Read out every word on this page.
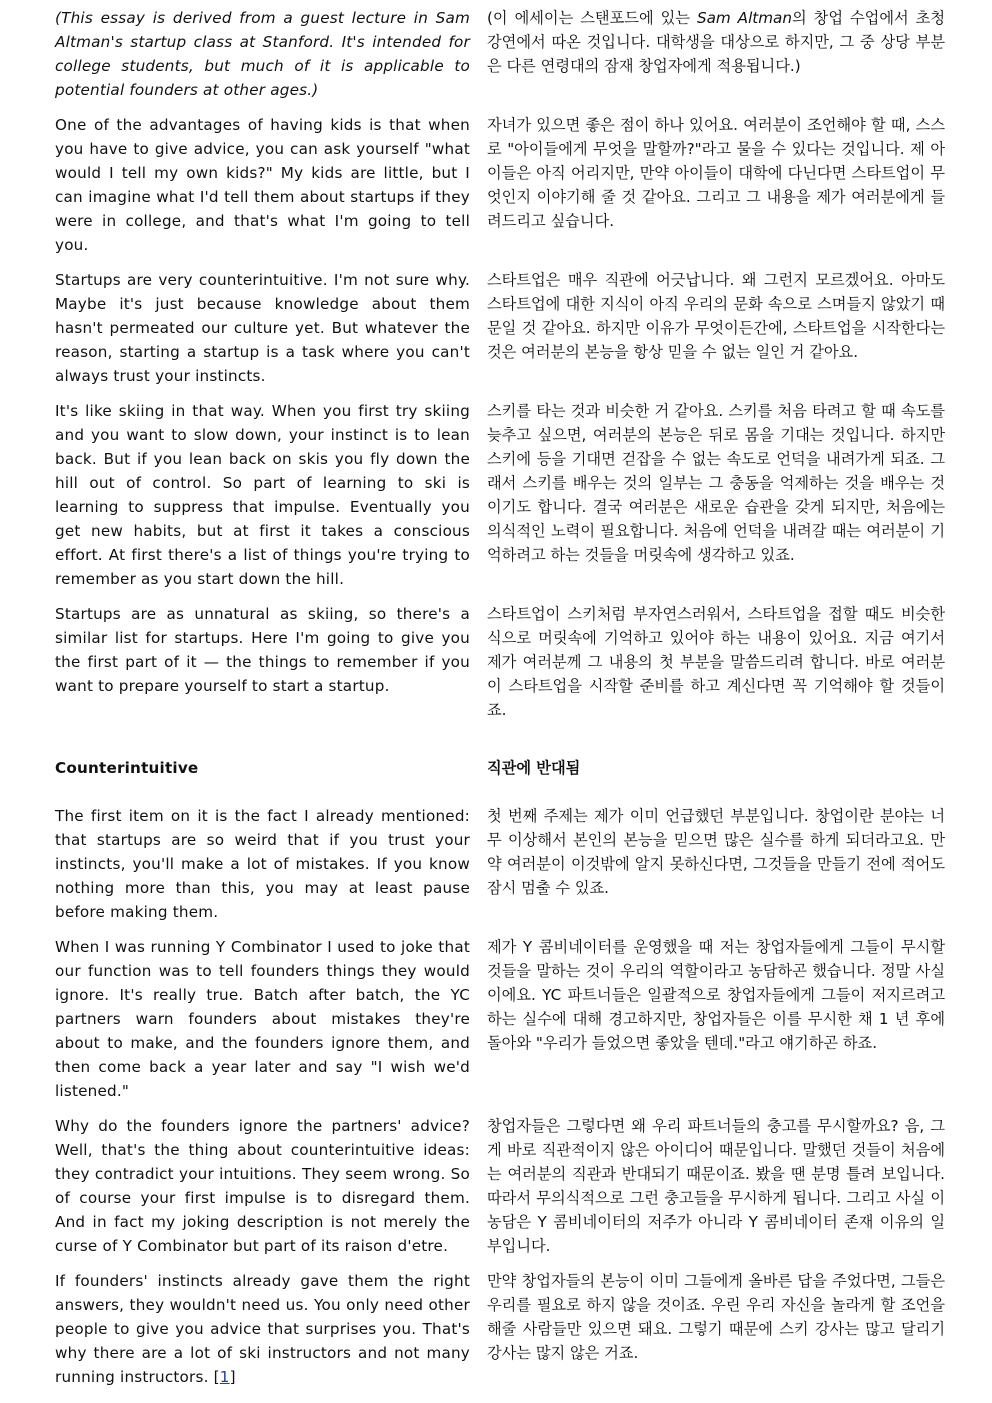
(This essay is derived from a guest lecture in Sam Altman's startup class at Stanford. It's intended for college students, but much of it is applicable to potential founders at other ages.)

(이 에세이는 스탠포드에 있는 Sam Altman의 창업 수업에서 초청 강연에서 따온 것입니다. 대학생을 대상으로 하지만, 그 중 상당 부분은 다른 연령대의 잠재 창업자에게 적용됩니다.)

One of the advantages of having kids is that when you have to give advice, you can ask yourself "what would I tell my own kids?" My kids are little, but I can imagine what I'd tell them about startups if they were in college, and that's what I'm going to tell you.

자녀가 있으면 좋은 점이 하나 있어요. 여러분이 조언해야 할 때, 스스로 "아이들에게 무엇을 말할까?"라고 물을 수 있다는 것입니다. 제 아이들은 아직 어리지만, 만약 아이들이 대학에 다닌다면 스타트업이 무엇인지 이야기해 줄 것 같아요. 그리고 그 내용을 제가 여러분에게 들려드리고 싶습니다.

Startups are very counterintuitive. I'm not sure why. Maybe it's just because knowledge about them hasn't permeated our culture yet. But whatever the reason, starting a startup is a task where you can't always trust your instincts.

스타트업은 매우 직관에 어긋납니다. 왜 그런지 모르겠어요. 아마도 스타트업에 대한 지식이 아직 우리의 문화 속으로 스며들지 않았기 때문일 것 같아요. 하지만 이유가 무엇이든간에, 스타트업을 시작한다는 것은 여러분의 본능을 항상 믿을 수 없는 일인 거 같아요.

It's like skiing in that way. When you first try skiing and you want to slow down, your instinct is to lean back. But if you lean back on skis you fly down the hill out of control. So part of learning to ski is learning to suppress that impulse. Eventually you get new habits, but at first it takes a conscious effort. At first there's a list of things you're trying to remember as you start down the hill.

스키를 타는 것과 비슷한 거 같아요. 스키를 처음 타려고 할 때 속도를 늦추고 싶으면, 여러분의 본능은 뒤로 몸을 기대는 것입니다. 하지만 스키에 등을 기대면 걷잡을 수 없는 속도로 언덕을 내려가게 되죠. 그래서 스키를 배우는 것의 일부는 그 충동을 억제하는 것을 배우는 것이기도 합니다. 결국 여러분은 새로운 습관을 갖게 되지만, 처음에는 의식적인 노력이 필요합니다. 처음에 언덕을 내려갈 때는 여러분이 기억하려고 하는 것들을 머릿속에 생각하고 있죠.

Startups are as unnatural as skiing, so there's a similar list for startups. Here I'm going to give you the first part of it — the things to remember if you want to prepare yourself to start a startup.

스타트업이 스키처럼 부자연스러워서, 스타트업을 접할 때도 비슷한 식으로 머릿속에 기억하고 있어야 하는 내용이 있어요. 지금 여기서 제가 여러분께 그 내용의 첫 부분을 말씀드리려 합니다. 바로 여러분이 스타트업을 시작할 준비를 하고 계신다면 꼭 기억해야 할 것들이죠.

Counterintuitive	직관에 반대됨

The first item on it is the fact I already mentioned: that startups are so weird that if you trust your instincts, you'll make a lot of mistakes. If you know nothing more than this, you may at least pause before making them.

첫 번째 주제는 제가 이미 언급했던 부분입니다. 창업이란 분야는 너무 이상해서 본인의 본능을 믿으면 많은 실수를 하게 되더라고요. 만약 여러분이 이것밖에 알지 못하신다면, 그것들을 만들기 전에 적어도 잠시 멈출 수 있죠.

When I was running Y Combinator I used to joke that our function was to tell founders things they would ignore. It's really true. Batch after batch, the YC partners warn founders about mistakes they're about to make, and the founders ignore them, and then come back a year later and say "I wish we'd listened."

제가 Y 콤비네이터를 운영했을 때 저는 창업자들에게 그들이 무시할 것들을 말하는 것이 우리의 역할이라고 농담하곤 했습니다. 정말 사실이에요. YC 파트너들은 일괄적으로 창업자들에게 그들이 저지르려고 하는 실수에 대해 경고하지만, 창업자들은 이를 무시한 채 1 년 후에 돌아와 "우리가 들었으면 좋았을 텐데."라고 얘기하곤 하죠.

Why do the founders ignore the partners' advice? Well, that's the thing about counterintuitive ideas: they contradict your intuitions. They seem wrong. So of course your first impulse is to disregard them. And in fact my joking description is not merely the curse of Y Combinator but part of its raison d'etre.

창업자들은 그렇다면 왜 우리 파트너들의 충고를 무시할까요? 음, 그게 바로 직관적이지 않은 아이디어 때문입니다. 말했던 것들이 처음에는 여러분의 직관과 반대되기 때문이죠. 봤을 땐 분명 틀려 보입니다. 따라서 무의식적으로 그런 충고들을 무시하게 됩니다. 그리고 사실 이 농담은 Y 콤비네이터의 저주가 아니라 Y 콤비네이터 존재 이유의 일부입니다.

If founders' instincts already gave them the right answers, they wouldn't need us. You only need other people to give you advice that surprises you. That's why there are a lot of ski instructors and not many running instructors. [1]

만약 창업자들의 본능이 이미 그들에게 올바른 답을 주었다면, 그들은 우리를 필요로 하지 않을 것이죠. 우린 우리 자신을 놀라게 할 조언을 해줄 사람들만 있으면 돼요. 그렇기 때문에 스키 강사는 많고 달리기 강사는 많지 않은 거죠.
